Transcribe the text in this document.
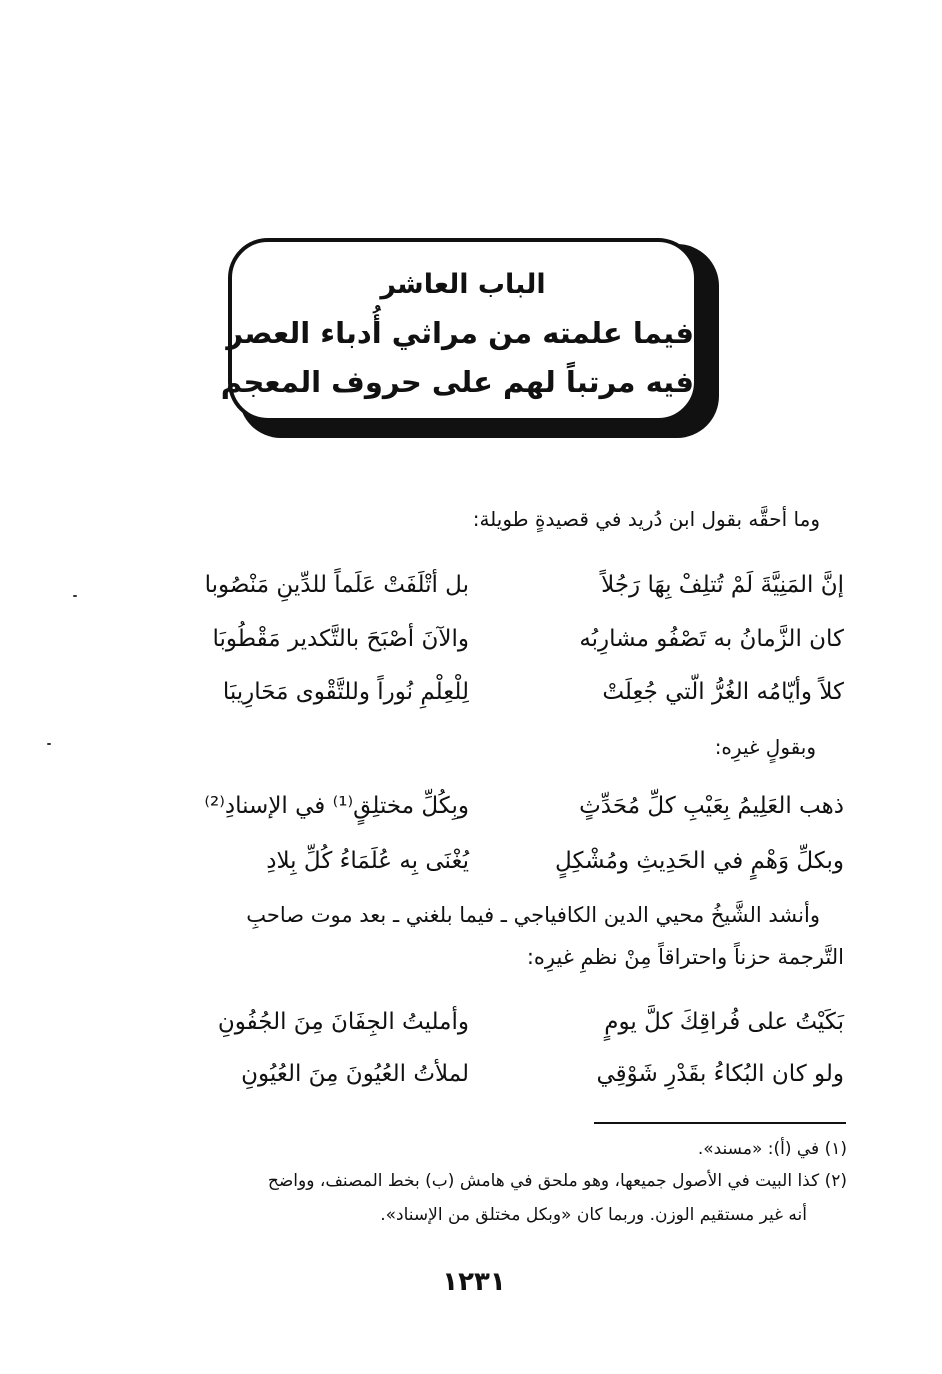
الباب العاشر
فيما علمته من مراثي أُدباء العصر
فيه مرتباً لهم على حروف المعجم
وما أحقَّه بقول ابن دُريد في قصيدةٍ طويلة:
إنَّ المَنِيَّةَ لَمْ تُتلِفْ بِهَا رَجُلاً
بل أتْلَفَتْ عَلَماً للدِّينِ مَنْصُوبا
كان الزَّمانُ به تَصْفُو مشارِبُه
والآنَ أصْبَحَ بالتَّكدير مَقْطُوبَا
كلاً وأيّامُه الغُرُّ الّتي جُعِلَتْ
لِلْعِلْمِ نُوراً وللتَّقْوى مَحَارِيبَا
وبقولٍ غيرِه:
ذهب العَلِيمُ بِعَيْبِ كلِّ مُحَدِّثٍ
وبِكُلِّ مختلِقٍ⁽¹⁾ في الإسنادِ⁽²⁾
وبكلِّ وَهْمٍ في الحَدِيثِ ومُشْكِلٍ
يُغْنَى بِه عُلَمَاءُ كُلِّ بِلادِ
وأنشد الشَّيخُ محيي الدين الكافياجي ـ فيما بلغني ـ بعد موت صاحبِ
التَّرجمة حزناً واحتراقاً مِنْ نظمِ غيرِه:
بَكَيْتُ على فُراقِكَ كلَّ يومٍ
وأمليتُ الجِفَانَ مِنَ الجُفُونِ
ولو كان البُكاءُ بقَدْرِ شَوْقِي
لملأتُ العُيُونَ مِنَ العُيُونِ
(١) في (أ): «مسند».
(٢) كذا البيت في الأصول جميعها، وهو ملحق في هامش (ب) بخط المصنف، وواضح
أنه غير مستقيم الوزن. وربما كان «وبكل مختلق من الإسناد».
١٢٣١
